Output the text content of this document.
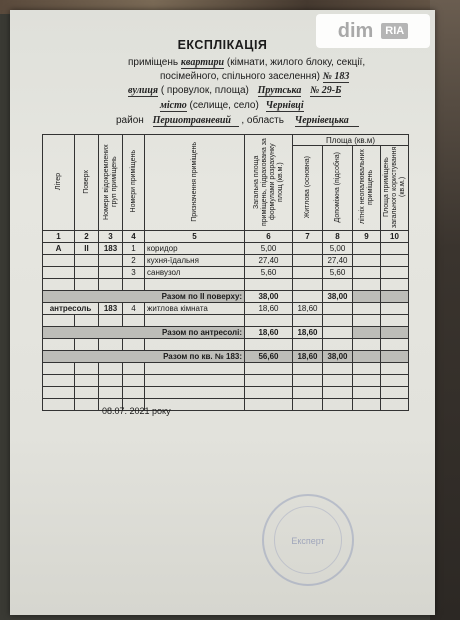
ЕКСПЛІКАЦІЯ
приміщень квартири (кімнати, жилого блоку, секції,
посімейного, спільного заселення) № 183
вулиця ( провулок, площа) Прутська № 29-Б
місто (селище, село) Чернівці
район Першотравневий , область Чернівецька
Літер	Поверх	Номери відокремлених груп приміщень	Номери приміщень	Призначення приміщень	Загальна площа приміщень, підрахована за формулами розрахунку площ (кв.м.)	Площа (кв.м)			
						Житлова (основна)	Допоміжна (підсобна)	літніх неопалювальних приміщень	Площа приміщень загального користування (кв.м.)
1	2	3	4	5	6	7	8	9	10
А	ІІ	183	1	коридор	5,00		5,00		
			2	кухня-їдальня	27,40		27,40		
			3	санвузол	5,60		5,60		

Разом по ІІ поверху:					38,00		38,00		
антресоль		183	4	житлова кімната	18,60	18,60			

Разом по антресолі:					18,60	18,60			

Разом по кв. № 183:					56,60	18,60	38,00		

08.07. 2021 року
Експерт
dim	RIA
